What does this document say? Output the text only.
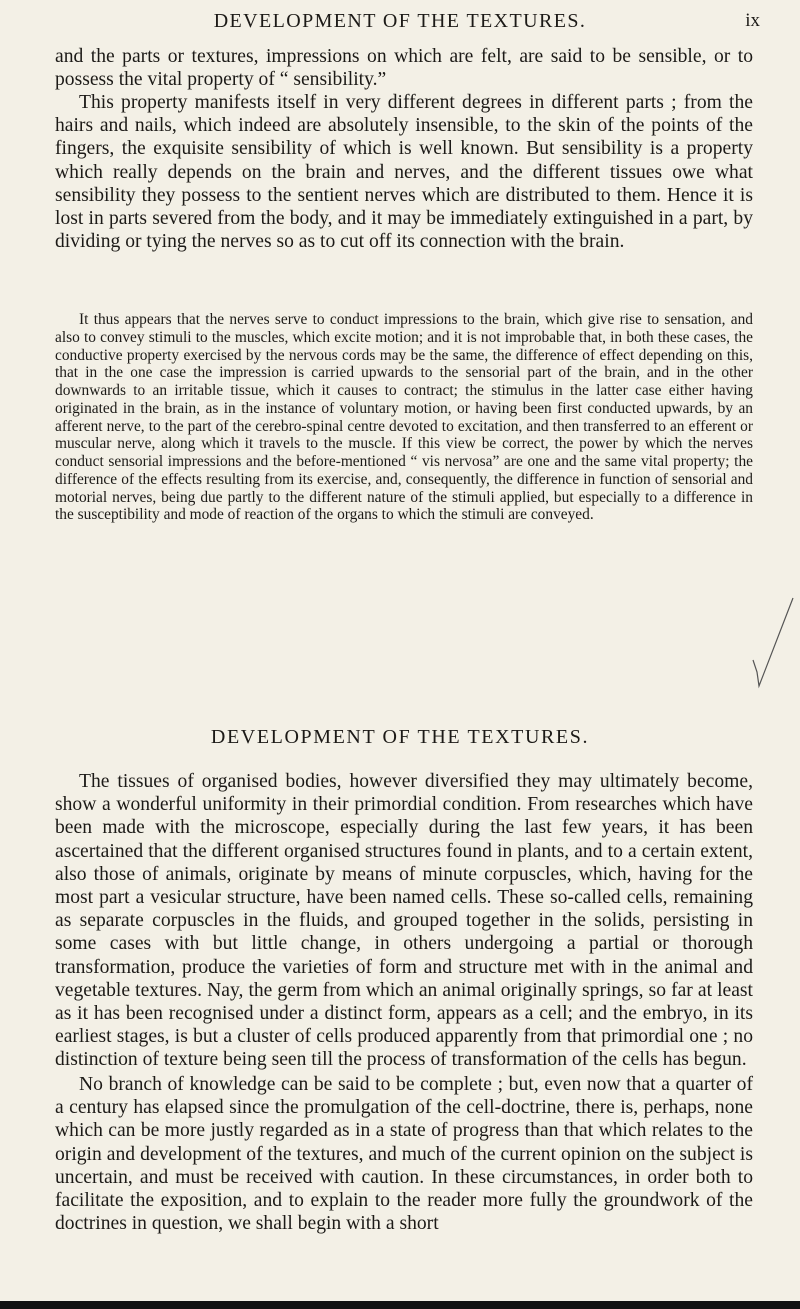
DEVELOPMENT OF THE TEXTURES.	ix

and the parts or textures, impressions on which are felt, are said to be sensible, or to possess the vital property of “ sensibility.”

This property manifests itself in very different degrees in different parts ; from the hairs and nails, which indeed are absolutely insensible, to the skin of the points of the fingers, the exquisite sensibility of which is well known. But sensibility is a property which really depends on the brain and nerves, and the different tissues owe what sensibility they possess to the sentient nerves which are distributed to them. Hence it is lost in parts severed from the body, and it may be immediately extinguished in a part, by dividing or tying the nerves so as to cut off its connection with the brain.

It thus appears that the nerves serve to conduct impressions to the brain, which give rise to sensation, and also to convey stimuli to the muscles, which excite motion; and it is not improbable that, in both these cases, the conductive property exercised by the nervous cords may be the same, the difference of effect depending on this, that in the one case the impression is carried upwards to the sensorial part of the brain, and in the other downwards to an irritable tissue, which it causes to contract; the stimulus in the latter case either having originated in the brain, as in the instance of voluntary motion, or having been first conducted upwards, by an afferent nerve, to the part of the cerebro-spinal centre devoted to excitation, and then transferred to an efferent or muscular nerve, along which it travels to the muscle. If this view be correct, the power by which the nerves conduct sensorial impressions and the before-mentioned “ vis nervosa” are one and the same vital property; the difference of the effects resulting from its exercise, and, consequently, the difference in function of sensorial and motorial nerves, being due partly to the different nature of the stimuli applied, but especially to a difference in the susceptibility and mode of reaction of the organs to which the stimuli are conveyed.

DEVELOPMENT OF THE TEXTURES.

The tissues of organised bodies, however diversified they may ultimately become, show a wonderful uniformity in their primordial condition. From researches which have been made with the microscope, especially during the last few years, it has been ascertained that the different organised structures found in plants, and to a certain extent, also those of animals, originate by means of minute corpuscles, which, having for the most part a vesicular structure, have been named cells. These so-called cells, remaining as separate corpuscles in the fluids, and grouped together in the solids, persisting in some cases with but little change, in others undergoing a partial or thorough transformation, produce the varieties of form and structure met with in the animal and vegetable textures. Nay, the germ from which an animal originally springs, so far at least as it has been recognised under a distinct form, appears as a cell; and the embryo, in its earliest stages, is but a cluster of cells produced apparently from that primordial one ; no distinction of texture being seen till the process of transformation of the cells has begun.

No branch of knowledge can be said to be complete ; but, even now that a quarter of a century has elapsed since the promulgation of the cell-doctrine, there is, perhaps, none which can be more justly regarded as in a state of progress than that which relates to the origin and development of the textures, and much of the current opinion on the subject is uncertain, and must be received with caution. In these circumstances, in order both to facilitate the exposition, and to explain to the reader more fully the groundwork of the doctrines in question, we shall begin with a short
